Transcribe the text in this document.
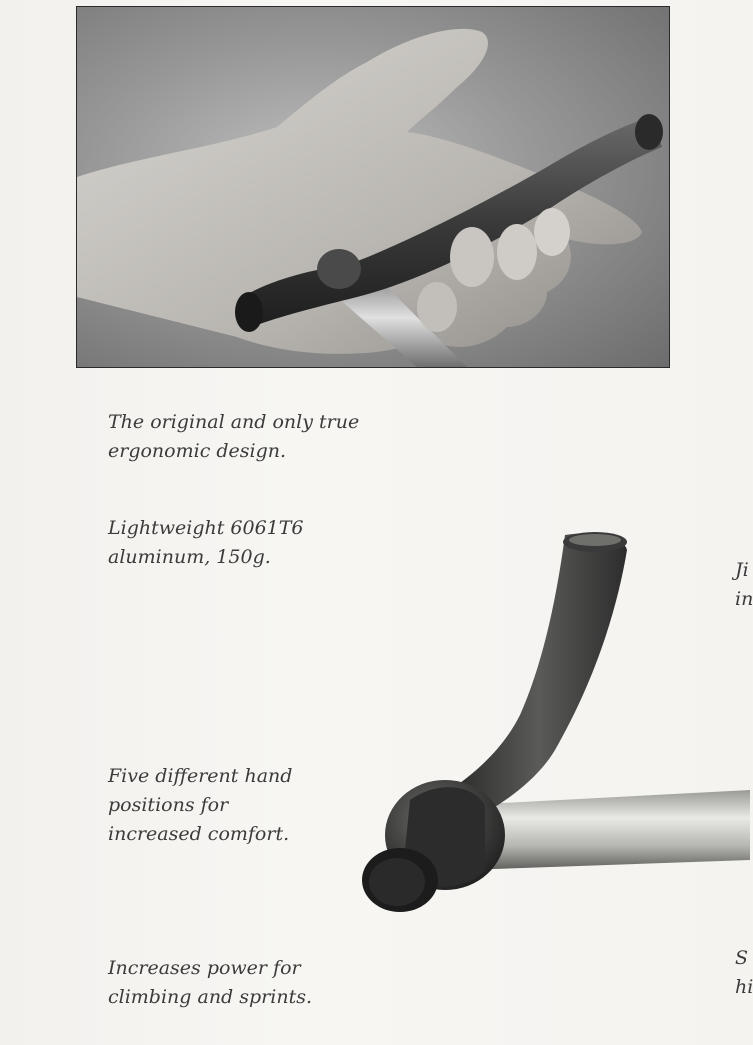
The original and only true
ergonomic design.

Lightweight 6061T6
aluminum, 150g.

Five different hand
positions for
increased comfort.

Increases power for
climbing and sprints.

Ji
in

S
hi
